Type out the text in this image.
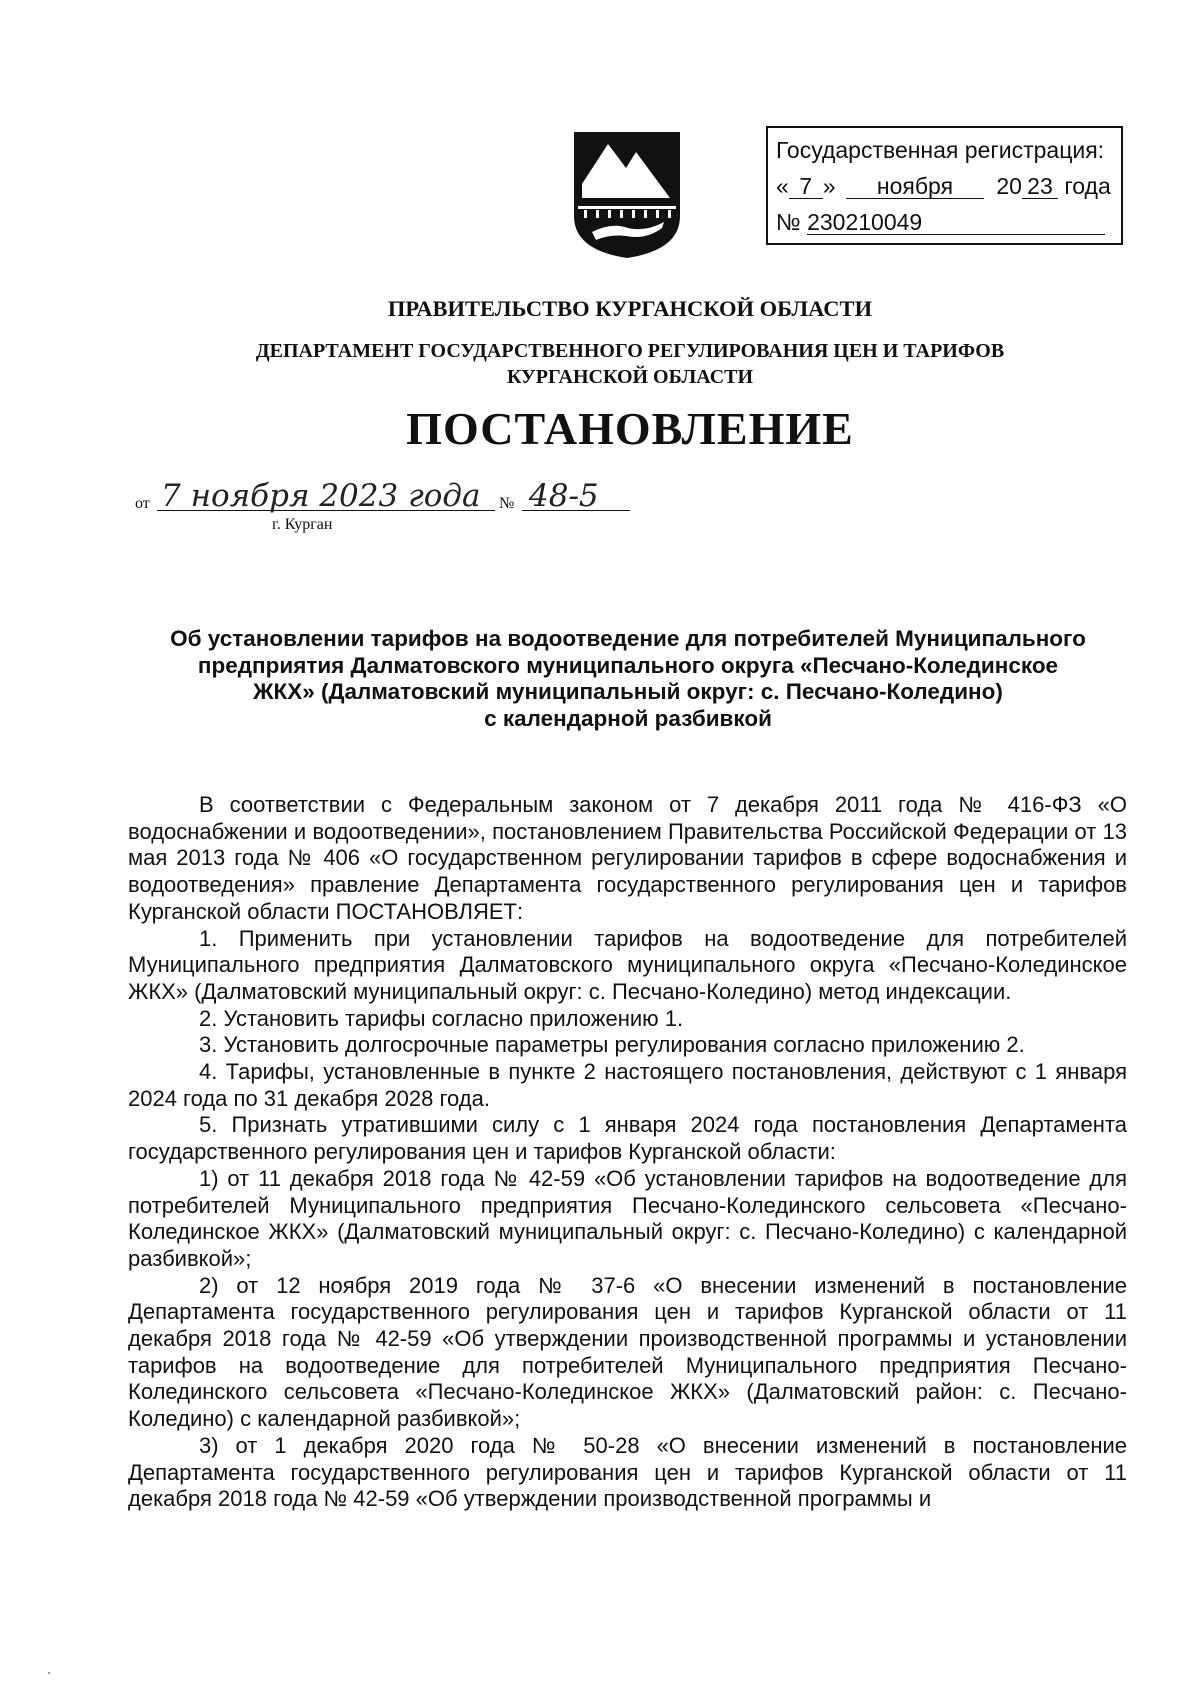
Государственная регистрация:
« 7 » ноября 20 23 года
№ 230210049
ПРАВИТЕЛЬСТВО КУРГАНСКОЙ ОБЛАСТИ
ДЕПАРТАМЕНТ ГОСУДАРСТВЕННОГО РЕГУЛИРОВАНИЯ ЦЕН И ТАРИФОВ
КУРГАНСКОЙ ОБЛАСТИ
ПОСТАНОВЛЕНИЕ
от 7 ноября 2023 года № 48-5
г. Курган
Об установлении тарифов на водоотведение для потребителей Муниципального
предприятия Далматовского муниципального округа «Песчано-Колединское
ЖКХ» (Далматовский муниципальный округ: с. Песчано-Коледино)
с календарной разбивкой

В соответствии с Федеральным законом от 7 декабря 2011 года № 416-ФЗ «О водоснабжении и водоотведении», постановлением Правительства Российской Федерации от 13 мая 2013 года № 406 «О государственном регулировании тарифов в сфере водоснабжения и водоотведения» правление Департамента государственного регулирования цен и тарифов Курганской области ПОСТАНОВЛЯЕТ:

1. Применить при установлении тарифов на водоотведение для потребителей Муниципального предприятия Далматовского муниципального округа «Песчано-Колединское ЖКХ» (Далматовский муниципальный округ: с. Песчано-Коледино) метод индексации.

2. Установить тарифы согласно приложению 1.

3. Установить долгосрочные параметры регулирования согласно приложению 2.

4. Тарифы, установленные в пункте 2 настоящего постановления, действуют с 1 января 2024 года по 31 декабря 2028 года.

5. Признать утратившими силу с 1 января 2024 года постановления Департамента государственного регулирования цен и тарифов Курганской области:

1) от 11 декабря 2018 года № 42-59 «Об установлении тарифов на водоотведение для потребителей Муниципального предприятия Песчано-Колединского сельсовета «Песчано-Колединское ЖКХ» (Далматовский муниципальный округ: с. Песчано-Коледино) с календарной разбивкой»;

2) от 12 ноября 2019 года № 37-6 «О внесении изменений в постановление Департамента государственного регулирования цен и тарифов Курганской области от 11 декабря 2018 года № 42-59 «Об утверждении производственной программы и установлении тарифов на водоотведение для потребителей Муниципального предприятия Песчано-Колединского сельсовета «Песчано-Колединское ЖКХ» (Далматовский район: с. Песчано-Коледино) с календарной разбивкой»;

3) от 1 декабря 2020 года № 50-28 «О внесении изменений в постановление Департамента государственного регулирования цен и тарифов Курганской области от 11 декабря 2018 года № 42-59 «Об утверждении производственной программы и
